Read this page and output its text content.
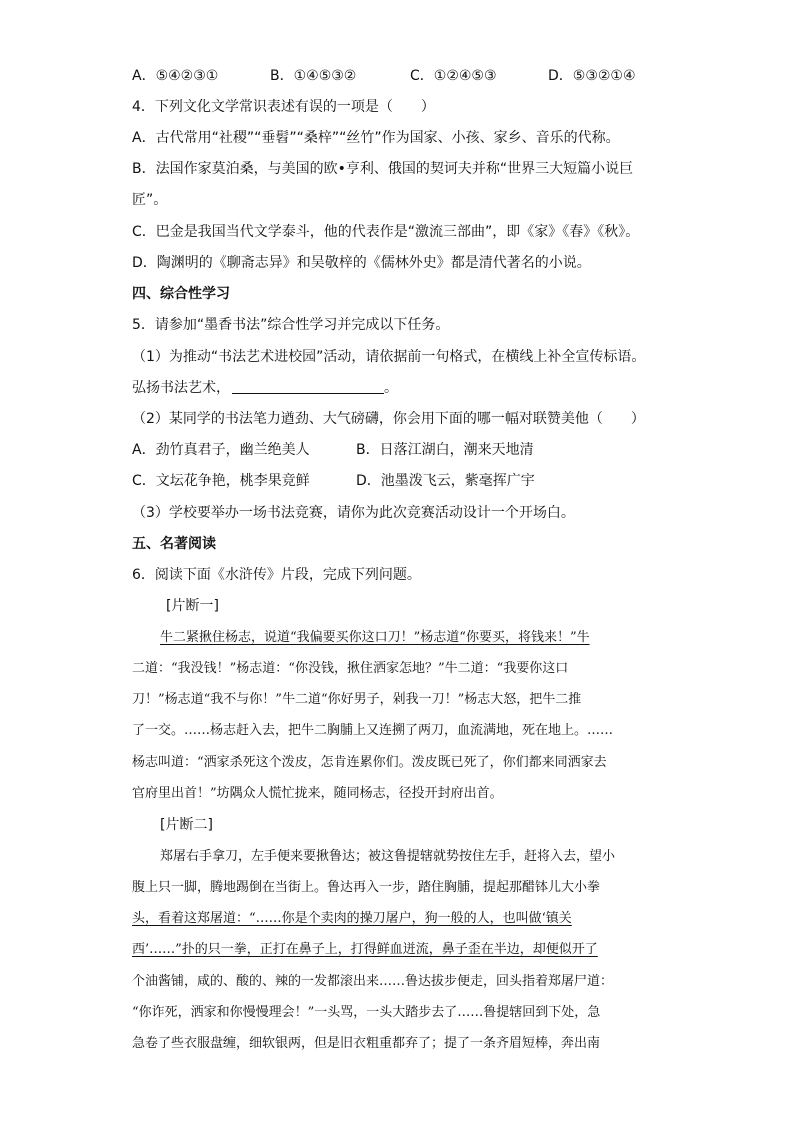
A．⑤④②③①	B．①④⑤③②	C．①②④⑤③	D．⑤③②①④
4．下列文化文学常识表述有误的一项是（　　）
A．古代常用“社稷”“垂髫”“桑梓”“丝竹”作为国家、小孩、家乡、音乐的代称。
B．法国作家莫泊桑，与美国的欧•亨利、俄国的契诃夫并称“世界三大短篇小说巨
匠”。
C．巴金是我国当代文学泰斗，他的代表作是“激流三部曲”，即《家》《春》《秋》。
D．陶渊明的《聊斋志异》和吴敬梓的《儒林外史》都是清代著名的小说。
四、综合性学习
5．请参加“墨香书法”综合性学习并完成以下任务。
（1）为推动“书法艺术进校园”活动，请依据前一句格式，在横线上补全宣传标语。
弘扬书法艺术，	。
（2）某同学的书法笔力遒劲、大气磅礴，你会用下面的哪一幅对联赞美他（　　）
A．劲竹真君子，幽兰绝美人	B．日落江湖白，潮来天地清
C．文坛花争艳，桃李果竞鲜	D．池墨泼飞云，紫毫挥广宇
（3）学校要举办一场书法竞赛，请你为此次竞赛活动设计一个开场白。
五、名著阅读
6．阅读下面《水浒传》片段，完成下列问题。
[片断一]
牛二紧揪住杨志，说道“我偏要买你这口刀！”杨志道“你要买，将钱来！”牛
二道：“我没钱！”杨志道：“你没钱，揪住洒家怎地？”牛二道：“我要你这口
刀！”杨志道“我不与你！”牛二道“你好男子，剁我一刀！”杨志大怒，把牛二推
了一交。……杨志赶入去，把牛二胸脯上又连搠了两刀，血流满地，死在地上。……
杨志叫道：“洒家杀死这个泼皮，怎肯连累你们。泼皮既已死了，你们都来同洒家去
官府里出首！”坊隅众人慌忙拢来，随同杨志，径投开封府出首。
[片断二]
郑屠右手拿刀，左手便来要揪鲁达；被这鲁提辖就势按住左手，赶将入去，望小
腹上只一脚，腾地踢倒在当街上。鲁达再入一步，踏住胸脯，提起那醋钵儿大小拳
头，看着这郑屠道：“……你是个卖肉的操刀屠户，狗一般的人，也叫做‘镇关
西’……”扑的只一拳，正打在鼻子上，打得鲜血迸流，鼻子歪在半边，却便似开了
个油酱铺，咸的、酸的、辣的一发都滚出来……鲁达拔步便走，回头指着郑屠尸道：
“你诈死，洒家和你慢慢理会！”一头骂，一头大踏步去了……鲁提辖回到下处，急
急卷了些衣服盘缠，细软银两，但是旧衣粗重都弃了；提了一条齐眉短棒，奔出南
